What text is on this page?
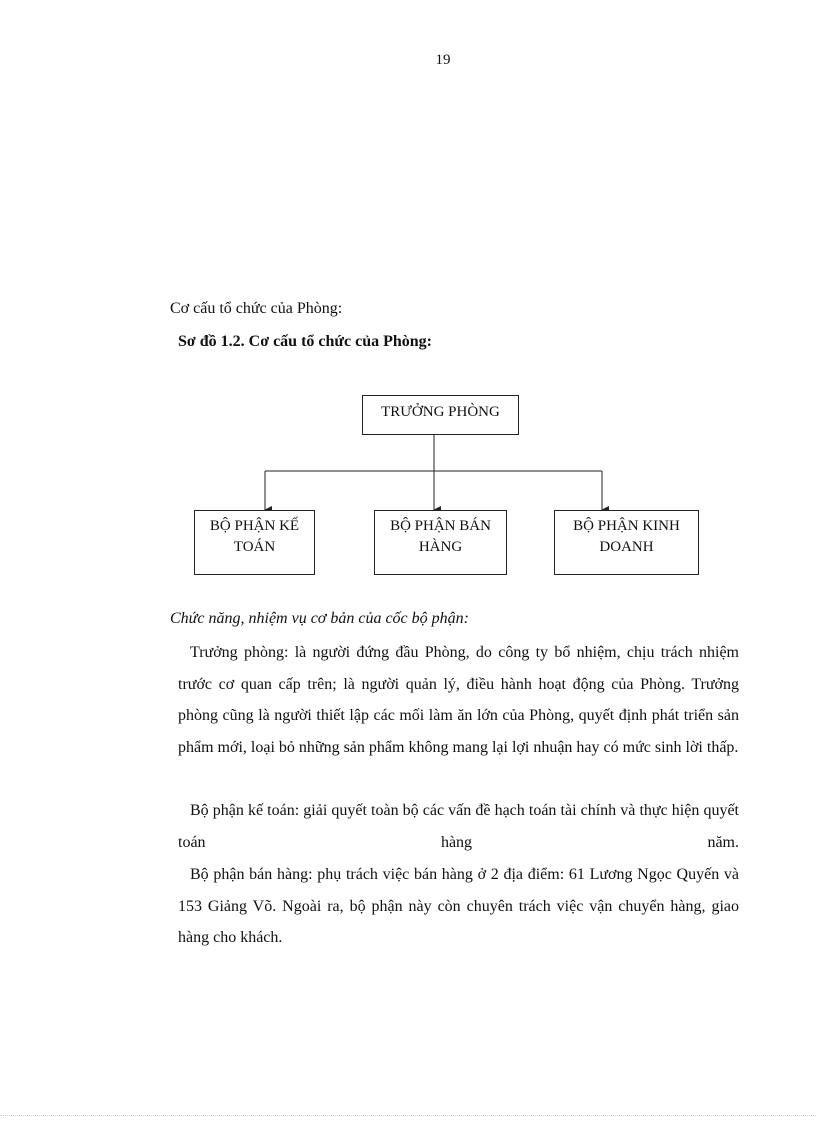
19
Cơ cấu tổ chức của Phòng:
Sơ đồ 1.2. Cơ cấu tổ chức của Phòng:
TRƯỞNG PHÒNG
BỘ PHẬN KẾ
TOÁN
BỘ PHẬN BÁN
HÀNG
BỘ PHẬN KINH
DOANH
Chức năng, nhiệm vụ cơ bản của cốc bộ phận:
Trưởng phòng: là người đứng đầu Phòng, do công ty bổ nhiệm, chịu trách nhiệm trước cơ quan cấp trên; là người quản lý, điều hành hoạt động của Phòng. Trưởng phòng cũng là người thiết lập các mối làm ăn lớn của Phòng, quyết định phát triển sản phẩm mới, loại bỏ những sản phẩm không mang lại lợi nhuận hay có mức sinh lời thấp.
Bộ phận kế toán: giải quyết toàn bộ các vấn đề hạch toán tài chính và thực hiện quyết toán hàng năm.
Bộ phận bán hàng: phụ trách việc bán hàng ở 2 địa điểm: 61 Lương Ngọc Quyến và 153 Giảng Võ. Ngoài ra, bộ phận này còn chuyên trách việc vận chuyển hàng, giao hàng cho khách.
